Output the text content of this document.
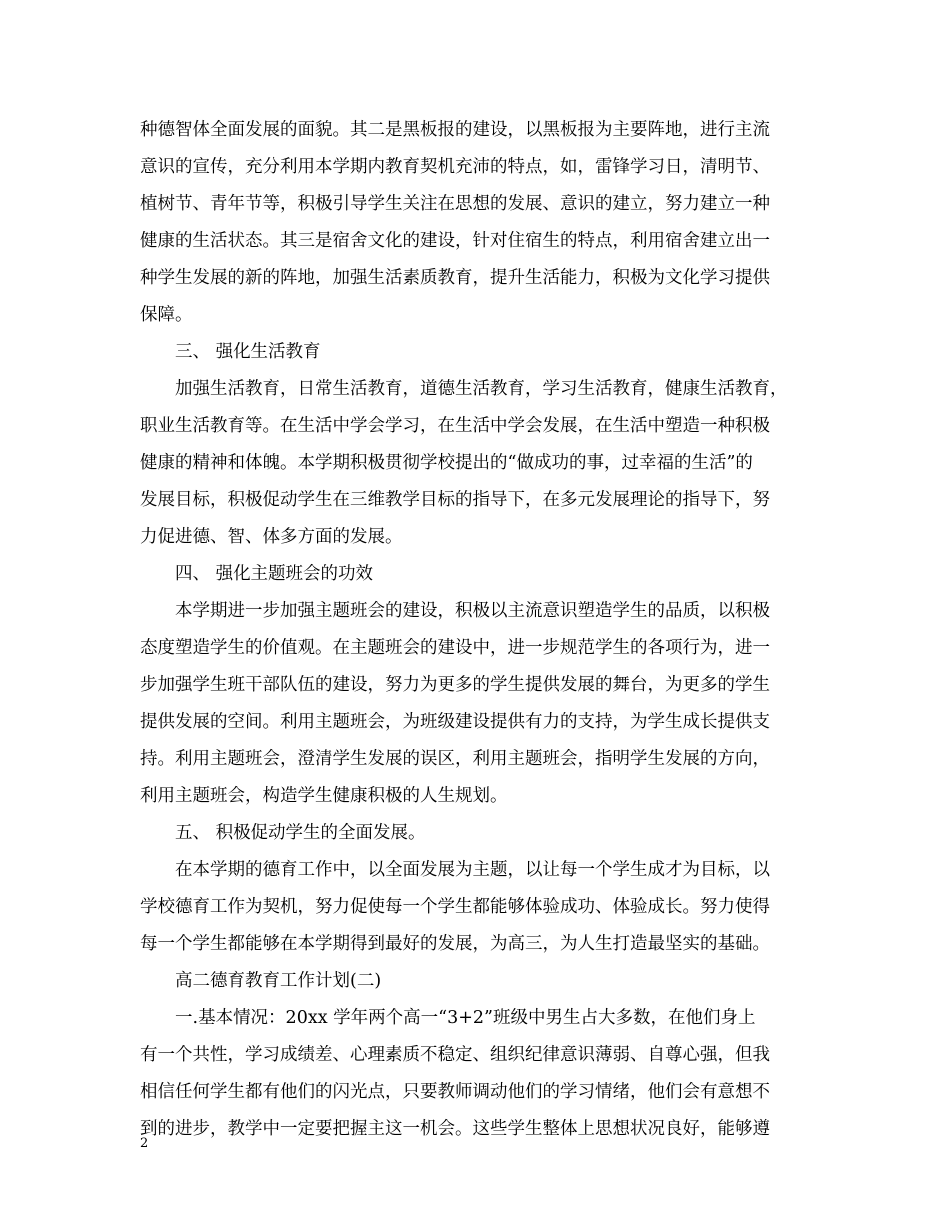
种德智体全面发展的面貌。其二是黑板报的建设，以黑板报为主要阵地，进行主流
意识的宣传，充分利用本学期内教育契机充沛的特点，如，雷锋学习日，清明节、
植树节、青年节等，积极引导学生关注在思想的发展、意识的建立，努力建立一种
健康的生活状态。其三是宿舍文化的建设，针对住宿生的特点，利用宿舍建立出一
种学生发展的新的阵地，加强生活素质教育，提升生活能力，积极为文化学习提供
保障。
三、 强化生活教育
加强生活教育，日常生活教育，道德生活教育，学习生活教育，健康生活教育，
职业生活教育等。在生活中学会学习，在生活中学会发展，在生活中塑造一种积极
健康的精神和体魄。本学期积极贯彻学校提出的“做成功的事，过幸福的生活”的
发展目标，积极促动学生在三维教学目标的指导下，在多元发展理论的指导下，努
力促进德、智、体多方面的发展。
四、 强化主题班会的功效
本学期进一步加强主题班会的建设，积极以主流意识塑造学生的品质，以积极
态度塑造学生的价值观。在主题班会的建设中，进一步规范学生的各项行为，进一
步加强学生班干部队伍的建设，努力为更多的学生提供发展的舞台，为更多的学生
提供发展的空间。利用主题班会，为班级建设提供有力的支持，为学生成长提供支
持。利用主题班会，澄清学生发展的误区，利用主题班会，指明学生发展的方向，
利用主题班会，构造学生健康积极的人生规划。
五、 积极促动学生的全面发展。
在本学期的德育工作中，以全面发展为主题，以让每一个学生成才为目标，以
学校德育工作为契机，努力促使每一个学生都能够体验成功、体验成长。努力使得
每一个学生都能够在本学期得到最好的发展，为高三，为人生打造最坚实的基础。
高二德育教育工作计划(二)
一.基本情况：20xx 学年两个高一“3+2”班级中男生占大多数，在他们身上
有一个共性，学习成绩差、心理素质不稳定、组织纪律意识薄弱、自尊心强，但我
相信任何学生都有他们的闪光点，只要教师调动他们的学习情绪，他们会有意想不
到的进步，教学中一定要把握主这一机会。这些学生整体上思想状况良好，能够遵
2
